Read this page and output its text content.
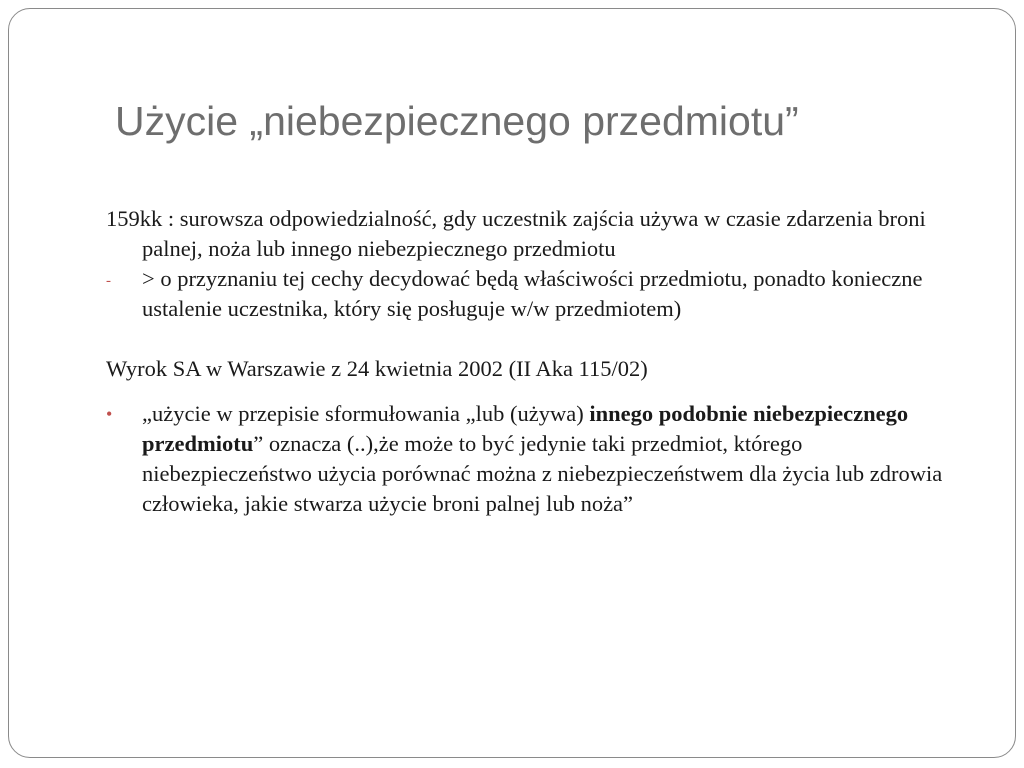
Użycie „niebezpiecznego przedmiotu”

159kk : surowsza odpowiedzialność, gdy uczestnik zajścia używa w czasie zdarzenia broni palnej, noża lub innego niebezpiecznego przedmiotu

-	> o przyznaniu tej cechy decydować będą właściwości przedmiotu, ponadto konieczne ustalenie uczestnika, który się posługuje w/w przedmiotem)

Wyrok SA w Warszawie z 24 kwietnia 2002 (II Aka 115/02)

•	„użycie w przepisie sformułowania „lub (używa) innego podobnie niebezpiecznego przedmiotu” oznacza (..),że może to być jedynie taki przedmiot, którego niebezpieczeństwo użycia porównać można z niebezpieczeństwem dla życia lub zdrowia człowieka, jakie stwarza użycie broni palnej lub noża”
